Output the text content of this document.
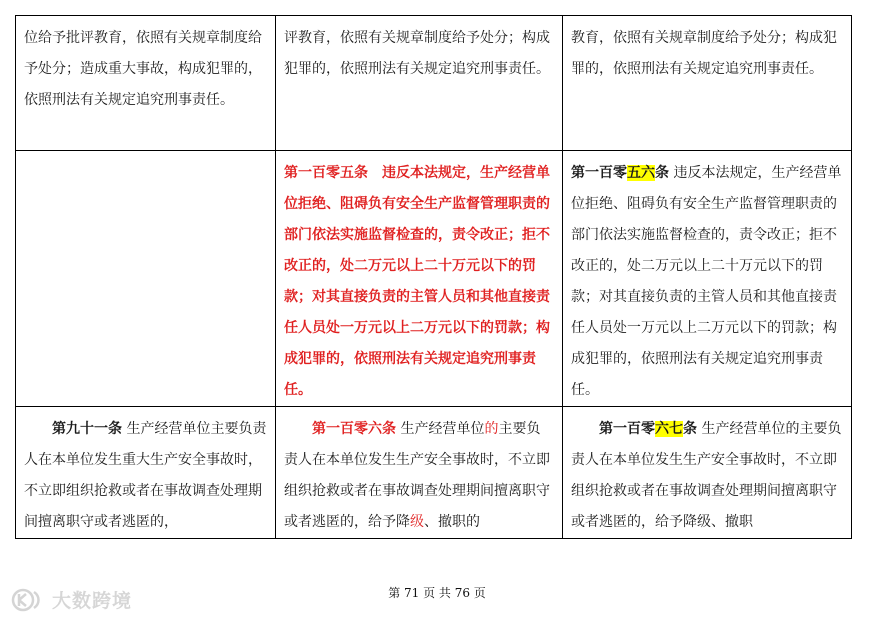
位给予批评教育，依照有关规章制度给予处分；造成重大事故，构成犯罪的，依照刑法有关规定追究刑事责任。	评教育，依照有关规章制度给予处分；构成犯罪的，依照刑法有关规定追究刑事责任。	教育，依照有关规章制度给予处分；构成犯罪的，依照刑法有关规定追究刑事责任。
	第一百零五条　违反本法规定，生产经营单位拒绝、阻碍负有安全生产监督管理职责的部门依法实施监督检查的，责令改正；拒不改正的，处二万元以上二十万元以下的罚款；对其直接负责的主管人员和其他直接责任人员处一万元以上二万元以下的罚款；构成犯罪的，依照刑法有关规定追究刑事责任。	第一百零五六条 违反本法规定，生产经营单位拒绝、阻碍负有安全生产监督管理职责的部门依法实施监督检查的，责令改正；拒不改正的，处二万元以上二十万元以下的罚款；对其直接负责的主管人员和其他直接责任人员处一万元以上二万元以下的罚款；构成犯罪的，依照刑法有关规定追究刑事责任。
第九十一条 生产经营单位主要负责人在本单位发生重大生产安全事故时，不立即组织抢救或者在事故调查处理期间擅离职守或者逃匿的，	第一百零六条 生产经营单位的主要负责人在本单位发生生产安全事故时，不立即组织抢救或者在事故调查处理期间擅离职守或者逃匿的，给予降级、撤职的	第一百零六七条 生产经营单位的主要负责人在本单位发生生产安全事故时，不立即组织抢救或者在事故调查处理期间擅离职守或者逃匿的，给予降级、撤职
第 71 页 共 76 页
大数跨境
